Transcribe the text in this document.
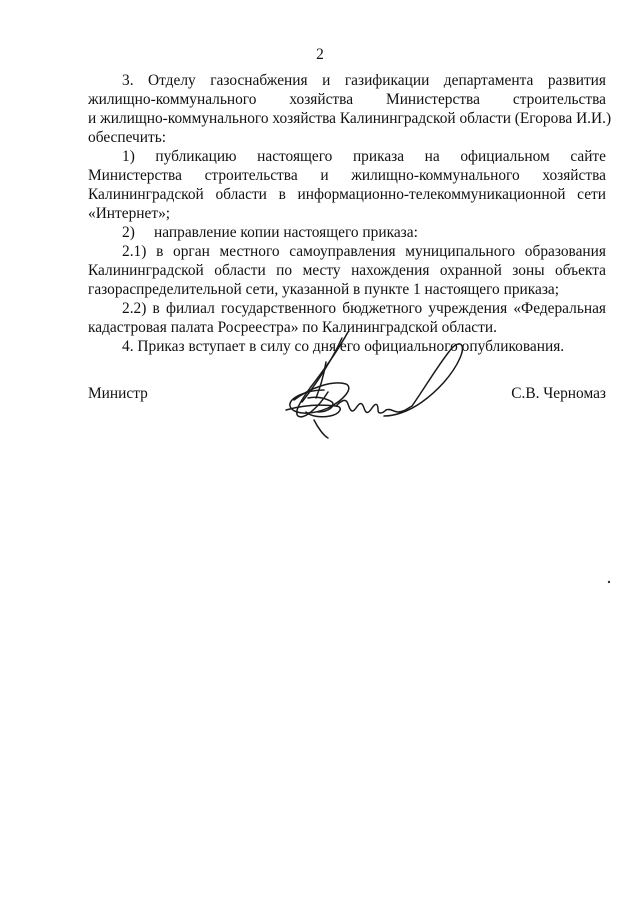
2
3. Отделу газоснабжения и газификации департамента развития
жилищно-коммунального хозяйства Министерства строительства
и жилищно-коммунального хозяйства Калининградской области (Егорова И.И.)
обеспечить:
1) публикацию настоящего приказа на официальном сайте
Министерства строительства и жилищно-коммунального хозяйства
Калининградской области в информационно-телекоммуникационной сети
«Интернет»;
2)     направление копии настоящего приказа:
2.1) в орган местного самоуправления муниципального образования
Калининградской области по месту нахождения охранной зоны объекта
газораспределительной сети, указанной в пункте 1 настоящего приказа;
2.2) в филиал государственного бюджетного учреждения «Федеральная
кадастровая палата Росреестра» по Калининградской области.
4. Приказ вступает в силу со дня его официального опубликования.
Министр	С.В. Черномаз
